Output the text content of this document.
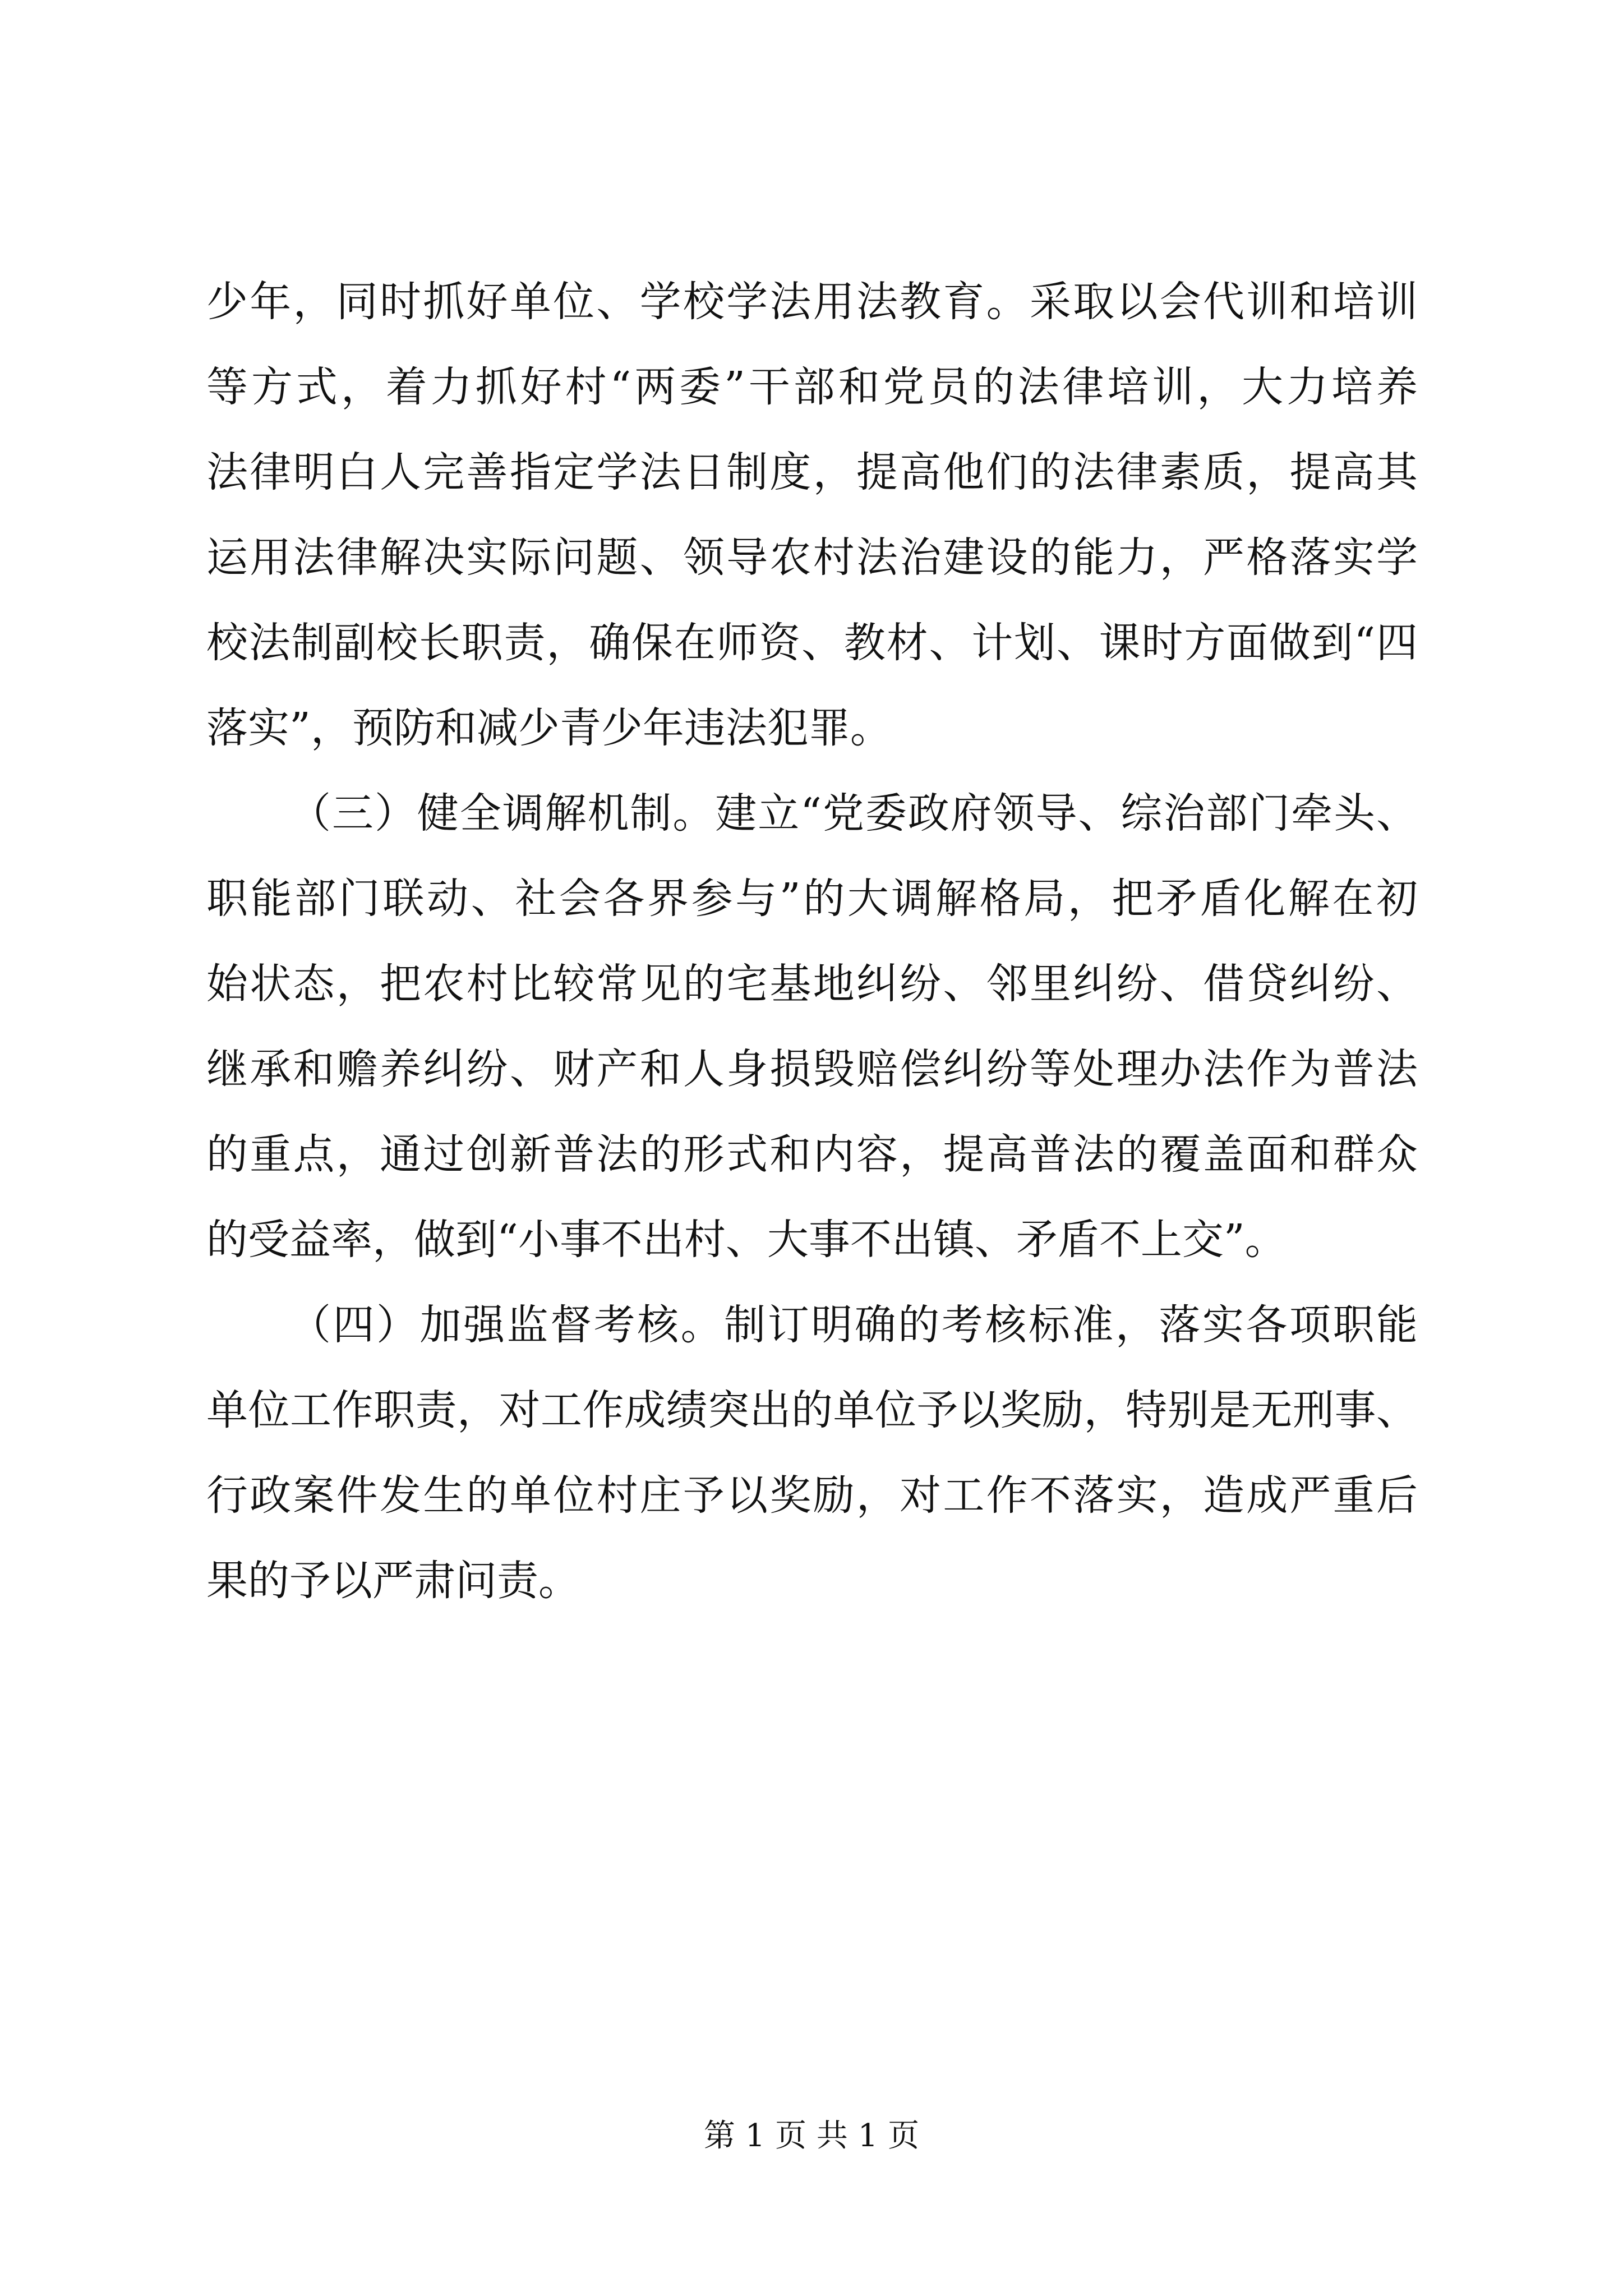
少年，同时抓好单位、学校学法用法教育。采取以会代训和培训
等方式，着力抓好村“两委”干部和党员的法律培训，大力培养
法律明白人完善指定学法日制度，提高他们的法律素质，提高其
运用法律解决实际问题、领导农村法治建设的能力，严格落实学
校法制副校长职责，确保在师资、教材、计划、课时方面做到“四
落实”，预防和减少青少年违法犯罪。
（三）健全调解机制。建立“党委政府领导、综治部门牵头、
职能部门联动、社会各界参与”的大调解格局，把矛盾化解在初
始状态，把农村比较常见的宅基地纠纷、邻里纠纷、借贷纠纷、
继承和赡养纠纷、财产和人身损毁赔偿纠纷等处理办法作为普法
的重点，通过创新普法的形式和内容，提高普法的覆盖面和群众
的受益率，做到“小事不出村、大事不出镇、矛盾不上交”。
（四）加强监督考核。制订明确的考核标准，落实各项职能
单位工作职责，对工作成绩突出的单位予以奖励，特别是无刑事、
行政案件发生的单位村庄予以奖励，对工作不落实，造成严重后
果的予以严肃问责。
第 1 页 共 1 页
